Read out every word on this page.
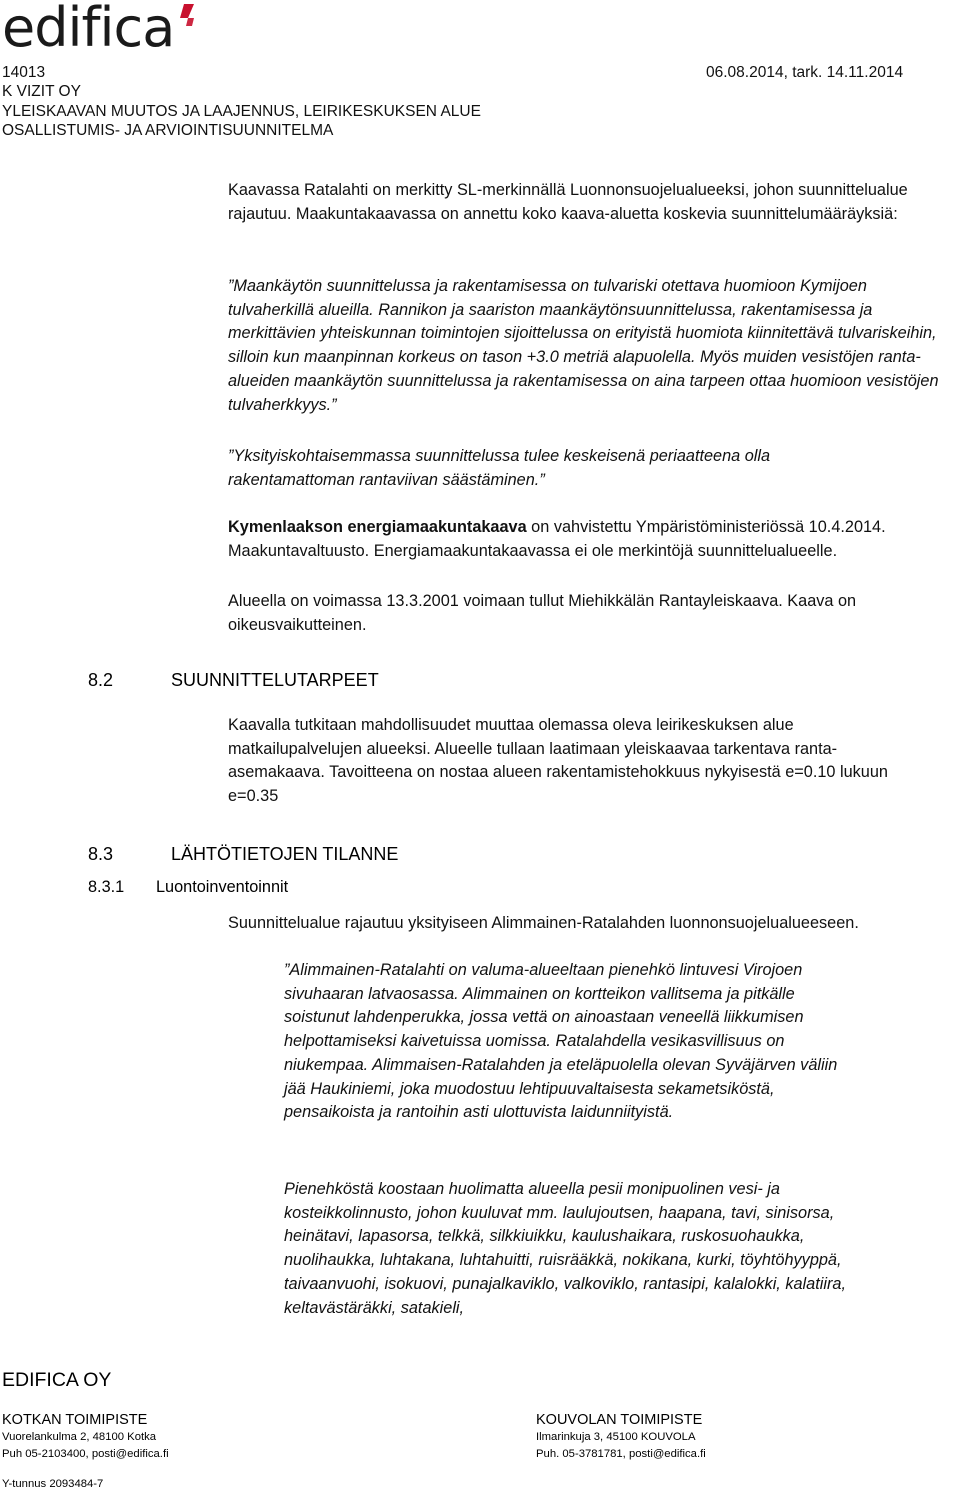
edifica
14013	06.08.2014, tark. 14.11.2014
K VIZIT OY
YLEISKAAVAN MUUTOS JA LAAJENNUS, LEIRIKESKUKSEN ALUE
OSALLISTUMIS- JA ARVIOINTISUUNNITELMA
Kaavassa Ratalahti on merkitty SL-merkinnällä Luonnonsuojelualueeksi, johon suunnittelualue rajautuu. Maakuntakaavassa on annettu koko kaava-aluetta koskevia suunnittelumääräyksiä:
”Maankäytön suunnittelussa ja rakentamisessa on tulvariski otettava huomioon Kymijoen tulvaherkillä alueilla. Rannikon ja saariston maankäytönsuunnittelussa, rakentamisessa ja merkittävien yhteiskunnan toimintojen sijoittelussa on erityistä huomiota kiinnitettävä tulvariskeihin, silloin kun maanpinnan korkeus on tason +3.0 metriä alapuolella. Myös muiden vesistöjen ranta-alueiden maankäytön suunnittelussa ja rakentamisessa on aina tarpeen ottaa huomioon vesistöjen tulvaherkkyys.”
”Yksityiskohtaisemmassa suunnittelussa tulee keskeisenä periaatteena olla rakentamattoman rantaviivan säästäminen.”
Kymenlaakson energiamaakuntakaava on vahvistettu Ympäristöministeriössä 10.4.2014. Maakuntavaltuusto. Energiamaakuntakaavassa ei ole merkintöjä suunnittelualueelle.
Alueella on voimassa 13.3.2001 voimaan tullut Miehikkälän Rantayleiskaava. Kaava on oikeusvaikutteinen.
8.2	SUUNNITTELUTARPEET
Kaavalla tutkitaan mahdollisuudet muuttaa olemassa oleva leirikeskuksen alue matkailupalvelujen alueeksi. Alueelle tullaan laatimaan yleiskaavaa tarkentava ranta-asemakaava. Tavoitteena on nostaa alueen rakentamistehokkuus nykyisestä e=0.10 lukuun e=0.35
8.3	LÄHTÖTIETOJEN TILANNE
8.3.1 Luontoinventoinnit
Suunnittelualue rajautuu yksityiseen Alimmainen-Ratalahden luonnonsuojelualueeseen.
”Alimmainen-Ratalahti on valuma-alueeltaan pienehkö lintuvesi Virojoen sivuhaaran latvaosassa. Alimmainen on kortteikon vallitsema ja pitkälle soistunut lahdenperukka, jossa vettä on ainoastaan veneellä liikkumisen helpottamiseksi kaivetuissa uomissa. Ratalahdella vesikasvillisuus on niukempaa. Alimmaisen-Ratalahden ja eteläpuolella olevan Syväjärven väliin jää Haukiniemi, joka muodostuu lehtipuuvaltaisesta sekametsiköstä, pensaikoista ja rantoihin asti ulottuvista laidunniityistä.
Pienehköstä koostaan huolimatta alueella pesii monipuolinen vesi- ja kosteikkolinnusto, johon kuuluvat mm. laulujoutsen, haapana, tavi, sinisorsa, heinätavi, lapasorsa, telkkä, silkkiuikku, kaulushaikara, ruskosuohaukka, nuolihaukka, luhtakana, luhtahuitti, ruisrääkkä, nokikana, kurki, töyhtöhyyppä, taivaanvuohi, isokuovi, punajalkaviklo, valkoviklo, rantasipi, kalalokki, kalatiira, keltavästäräkki, satakieli,
EDIFICA OY
KOTKAN TOIMIPISTE
Vuorelankulma 2, 48100 Kotka
Puh 05-2103400, posti@edifica.fi
KOUVOLAN TOIMIPISTE
Ilmarinkuja 3, 45100 KOUVOLA
Puh. 05-3781781, posti@edifica.fi
Y-tunnus 2093484-7
